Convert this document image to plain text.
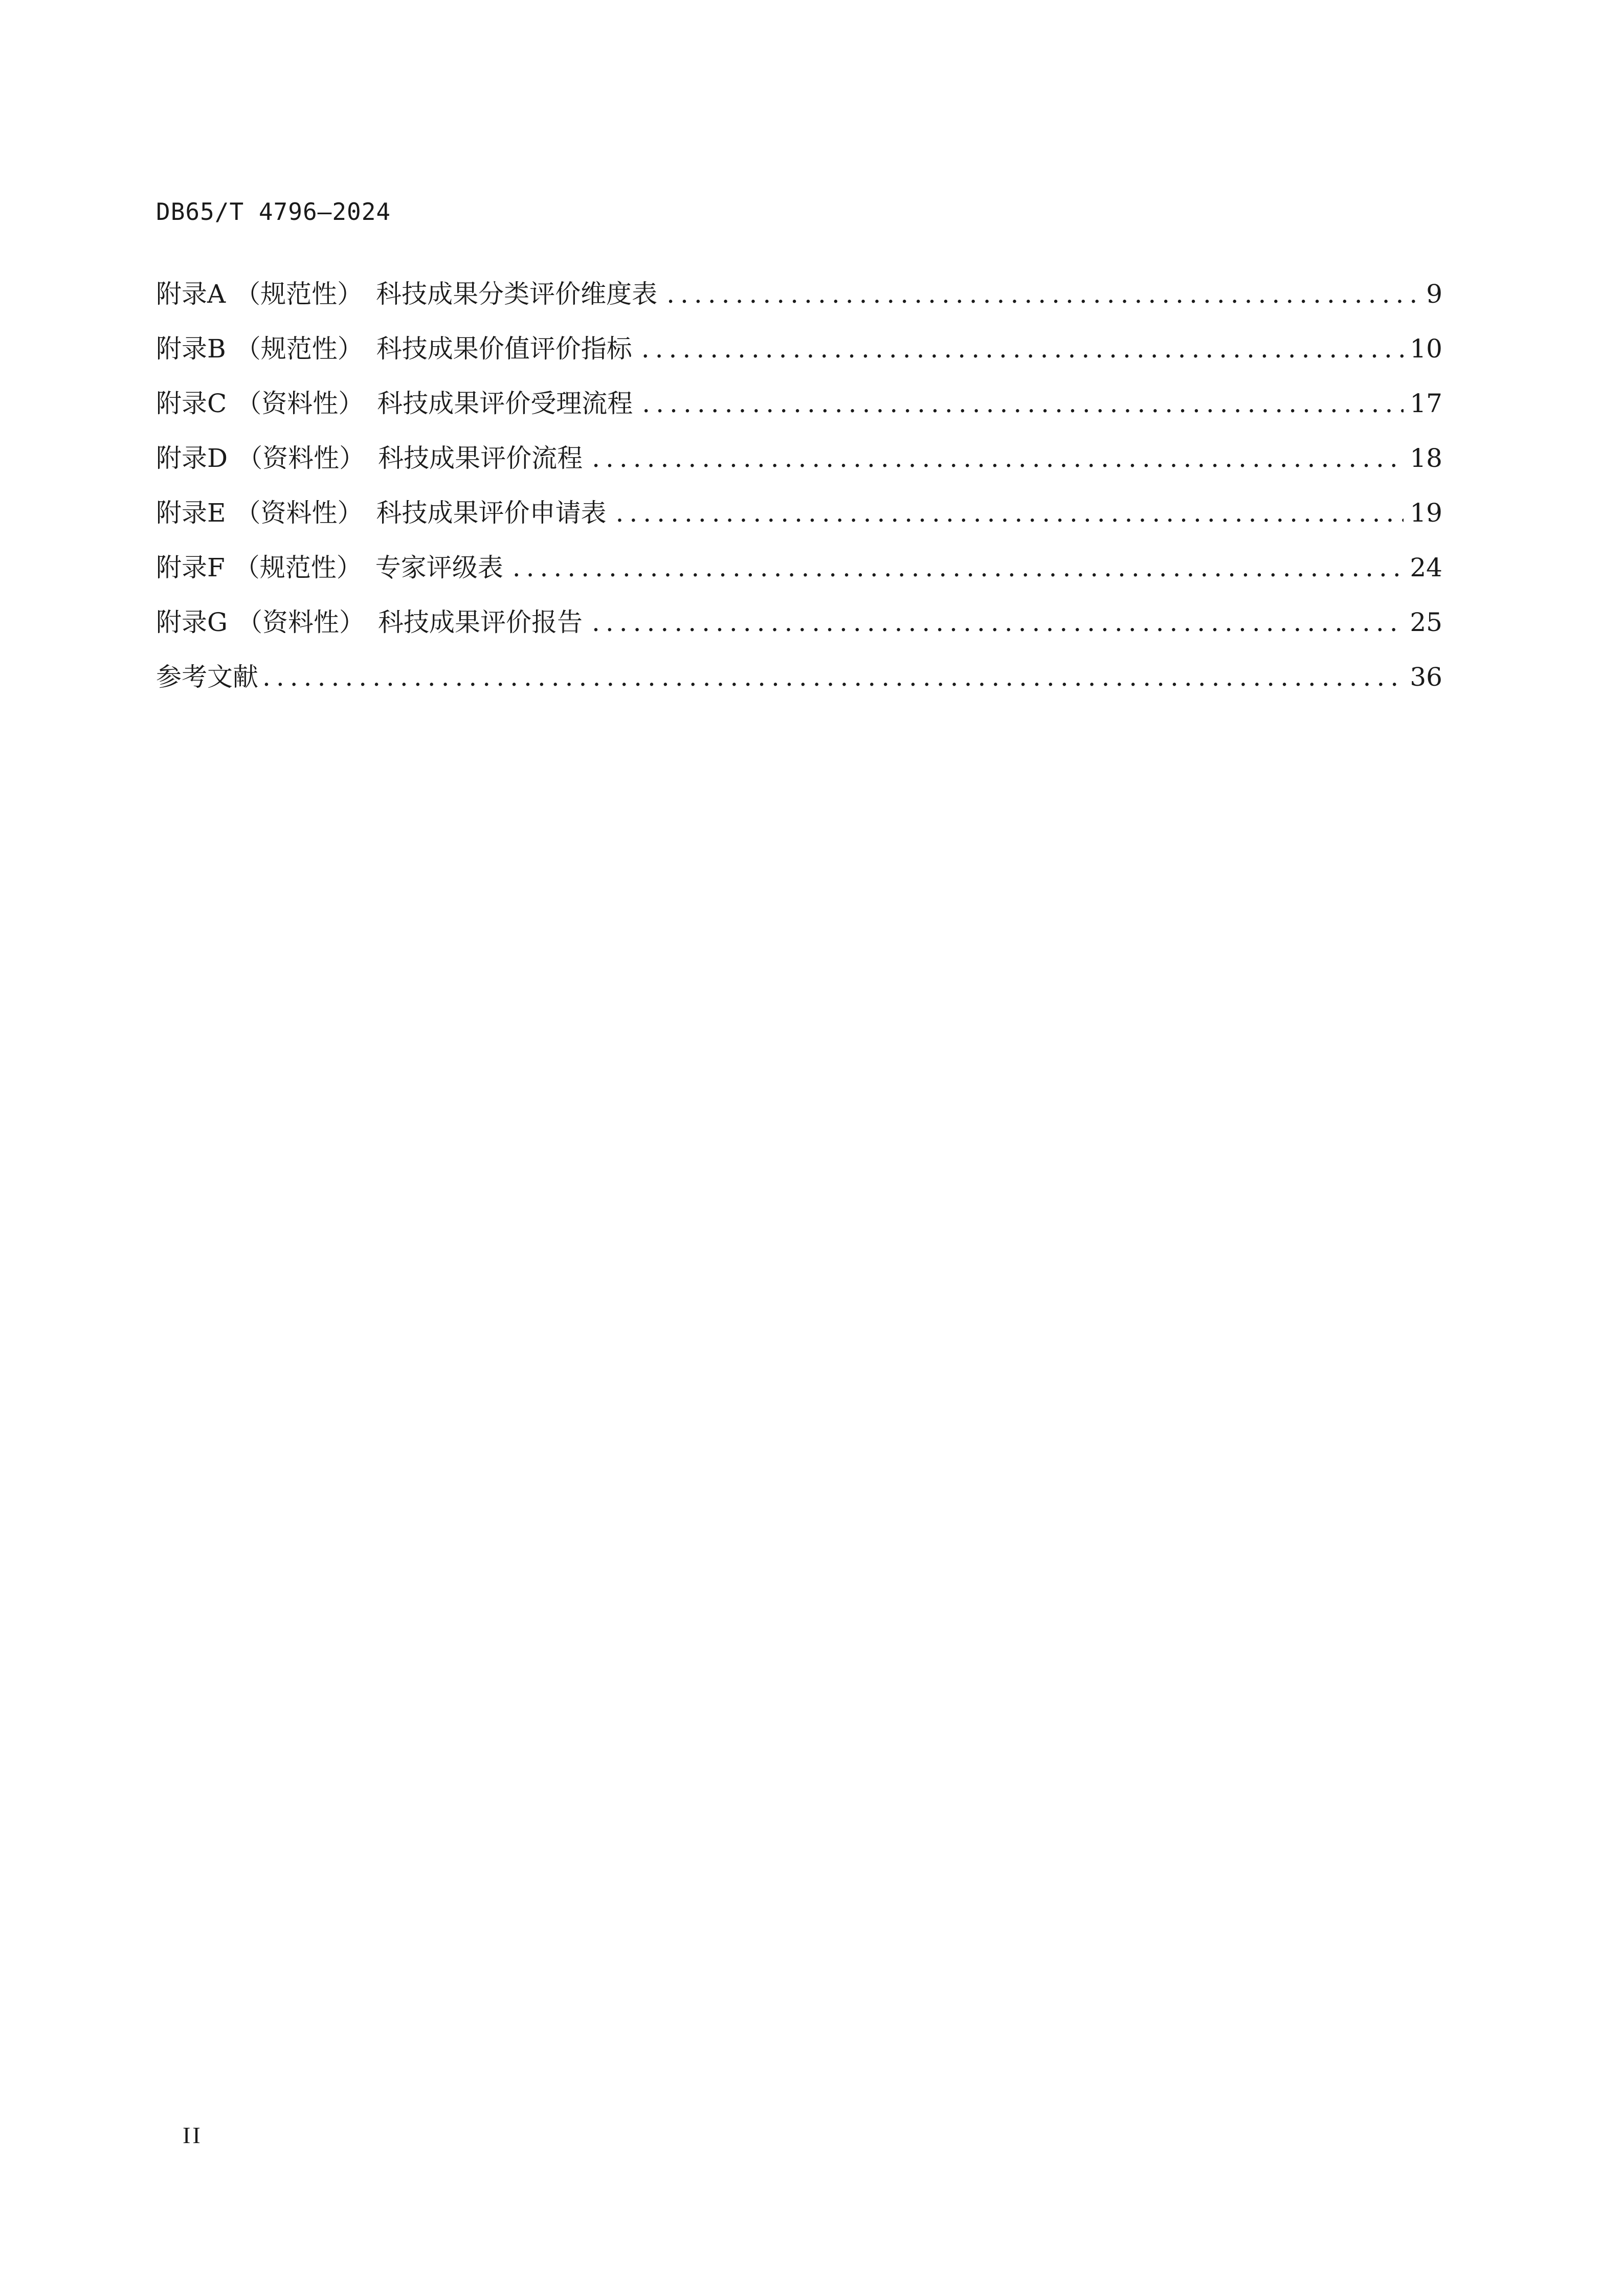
DB65/T 4796—2024
附录A （规范性） 科技成果分类评价维度表 .....	9
附录B （规范性） 科技成果价值评价指标 .....	10
附录C （资料性） 科技成果评价受理流程 .....	17
附录D （资料性） 科技成果评价流程 .....	18
附录E （资料性） 科技成果评价申请表 .....	19
附录F （规范性） 专家评级表 .....	24
附录G （资料性） 科技成果评价报告 .....	25
参考文献 .....	36
II
